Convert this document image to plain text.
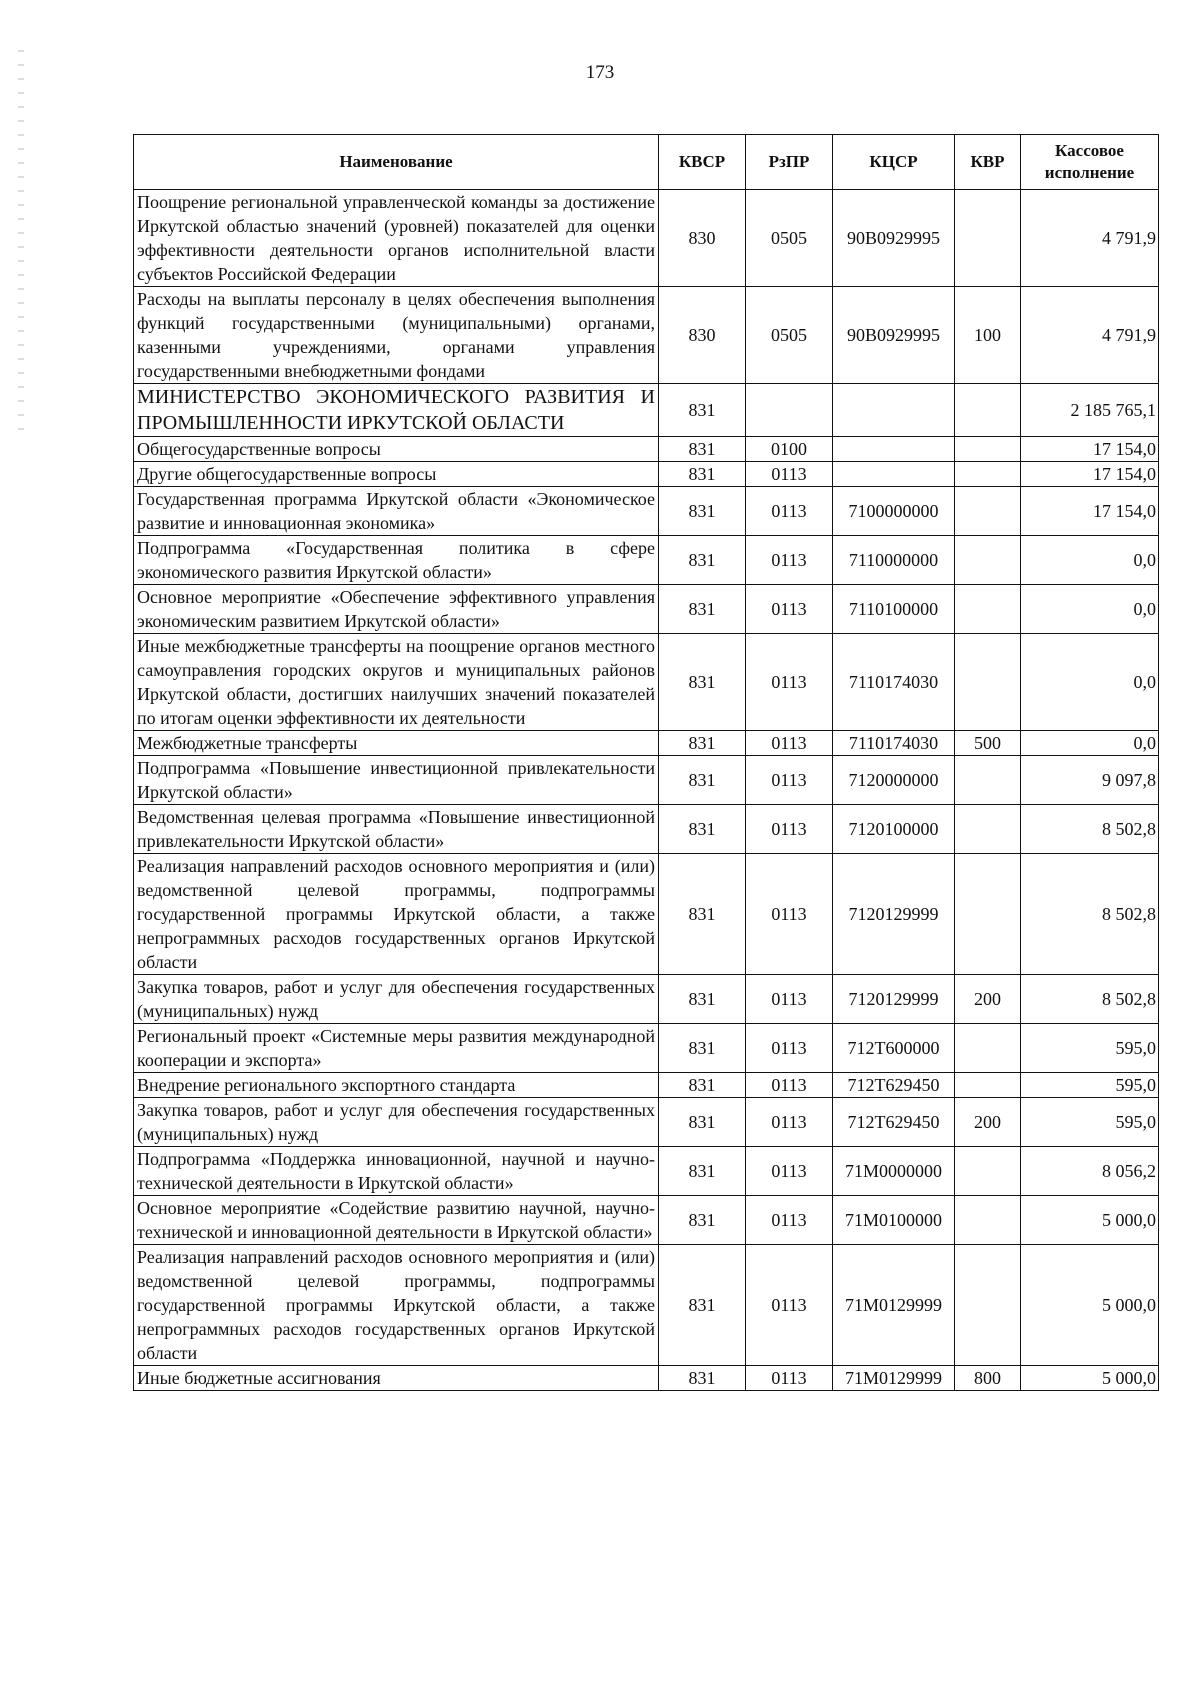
173
Наименование	КВСР	РзПР	КЦСР	КВР	Кассовое исполнение
Поощрение региональной управленческой команды за достижение Иркутской областью значений (уровней) показателей для оценки эффективности деятельности органов исполнительной власти субъектов Российской Федерации	830	0505	90В0929995		4 791,9
Расходы на выплаты персоналу в целях обеспечения выполнения функций государственными (муниципальными) органами, казенными учреждениями, органами управления государственными внебюджетными фондами	830	0505	90В0929995	100	4 791,9
МИНИСТЕРСТВО ЭКОНОМИЧЕСКОГО РАЗВИТИЯ И ПРОМЫШЛЕННОСТИ ИРКУТСКОЙ ОБЛАСТИ	831				2 185 765,1
Общегосударственные вопросы	831	0100			17 154,0
Другие общегосударственные вопросы	831	0113			17 154,0
Государственная программа Иркутской области «Экономическое развитие и инновационная экономика»	831	0113	7100000000		17 154,0
Подпрограмма «Государственная политика в сфере экономического развития Иркутской области»	831	0113	7110000000		0,0
Основное мероприятие «Обеспечение эффективного управления экономическим развитием Иркутской области»	831	0113	7110100000		0,0
Иные межбюджетные трансферты на поощрение органов местного самоуправления городских округов и муниципальных районов Иркутской области, достигших наилучших значений показателей по итогам оценки эффективности их деятельности	831	0113	7110174030		0,0
Межбюджетные трансферты	831	0113	7110174030	500	0,0
Подпрограмма «Повышение инвестиционной привлекательности Иркутской области»	831	0113	7120000000		9 097,8
Ведомственная целевая программа «Повышение инвестиционной привлекательности Иркутской области»	831	0113	7120100000		8 502,8
Реализация направлений расходов основного мероприятия и (или) ведомственной целевой программы, подпрограммы государственной программы Иркутской области, а также непрограммных расходов государственных органов Иркутской области	831	0113	7120129999		8 502,8
Закупка товаров, работ и услуг для обеспечения государственных (муниципальных) нужд	831	0113	7120129999	200	8 502,8
Региональный проект «Системные меры развития международной кооперации и экспорта»	831	0113	712Т600000		595,0
Внедрение регионального экспортного стандарта	831	0113	712Т629450		595,0
Закупка товаров, работ и услуг для обеспечения государственных (муниципальных) нужд	831	0113	712Т629450	200	595,0
Подпрограмма «Поддержка инновационной, научной и научно-технической деятельности в Иркутской области»	831	0113	71М0000000		8 056,2
Основное мероприятие «Содействие развитию научной, научно-технической и инновационной деятельности в Иркутской области»	831	0113	71М0100000		5 000,0
Реализация направлений расходов основного мероприятия и (или) ведомственной целевой программы, подпрограммы государственной программы Иркутской области, а также непрограммных расходов государственных органов Иркутской области	831	0113	71М0129999		5 000,0
Иные бюджетные ассигнования	831	0113	71М0129999	800	5 000,0
